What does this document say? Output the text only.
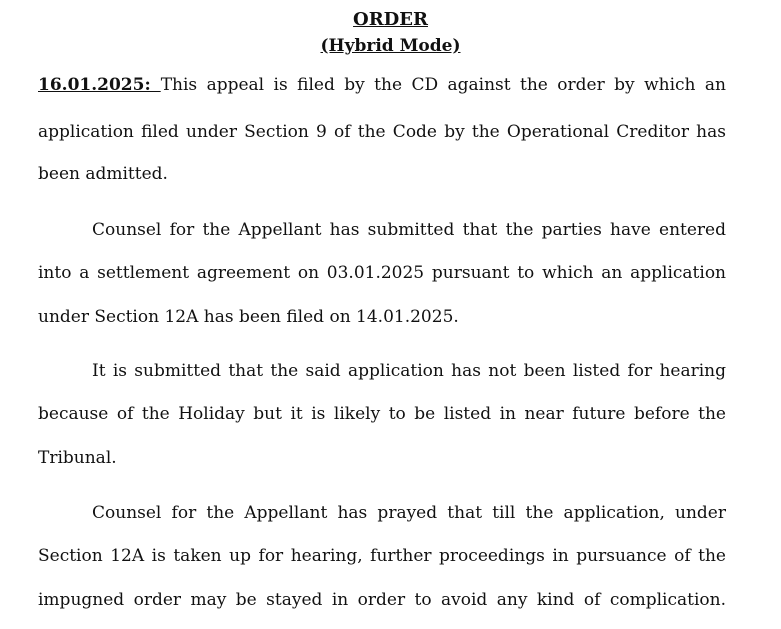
ORDER
(Hybrid Mode)
16.01.2025: This appeal is filed by the CD against the order by which an
application filed under Section 9 of the Code by the Operational Creditor has
been admitted.
Counsel for the Appellant has submitted that the parties have entered
into a settlement agreement on 03.01.2025 pursuant to which an application
under Section 12A has been filed on 14.01.2025.
It is submitted that the said application has not been listed for hearing
because of the Holiday but it is likely to be listed in near future before the
Tribunal.
Counsel for the Appellant has prayed that till the application, under
Section 12A is taken up for hearing, further proceedings in pursuance of the
impugned order may be stayed in order to avoid any kind of complication.
